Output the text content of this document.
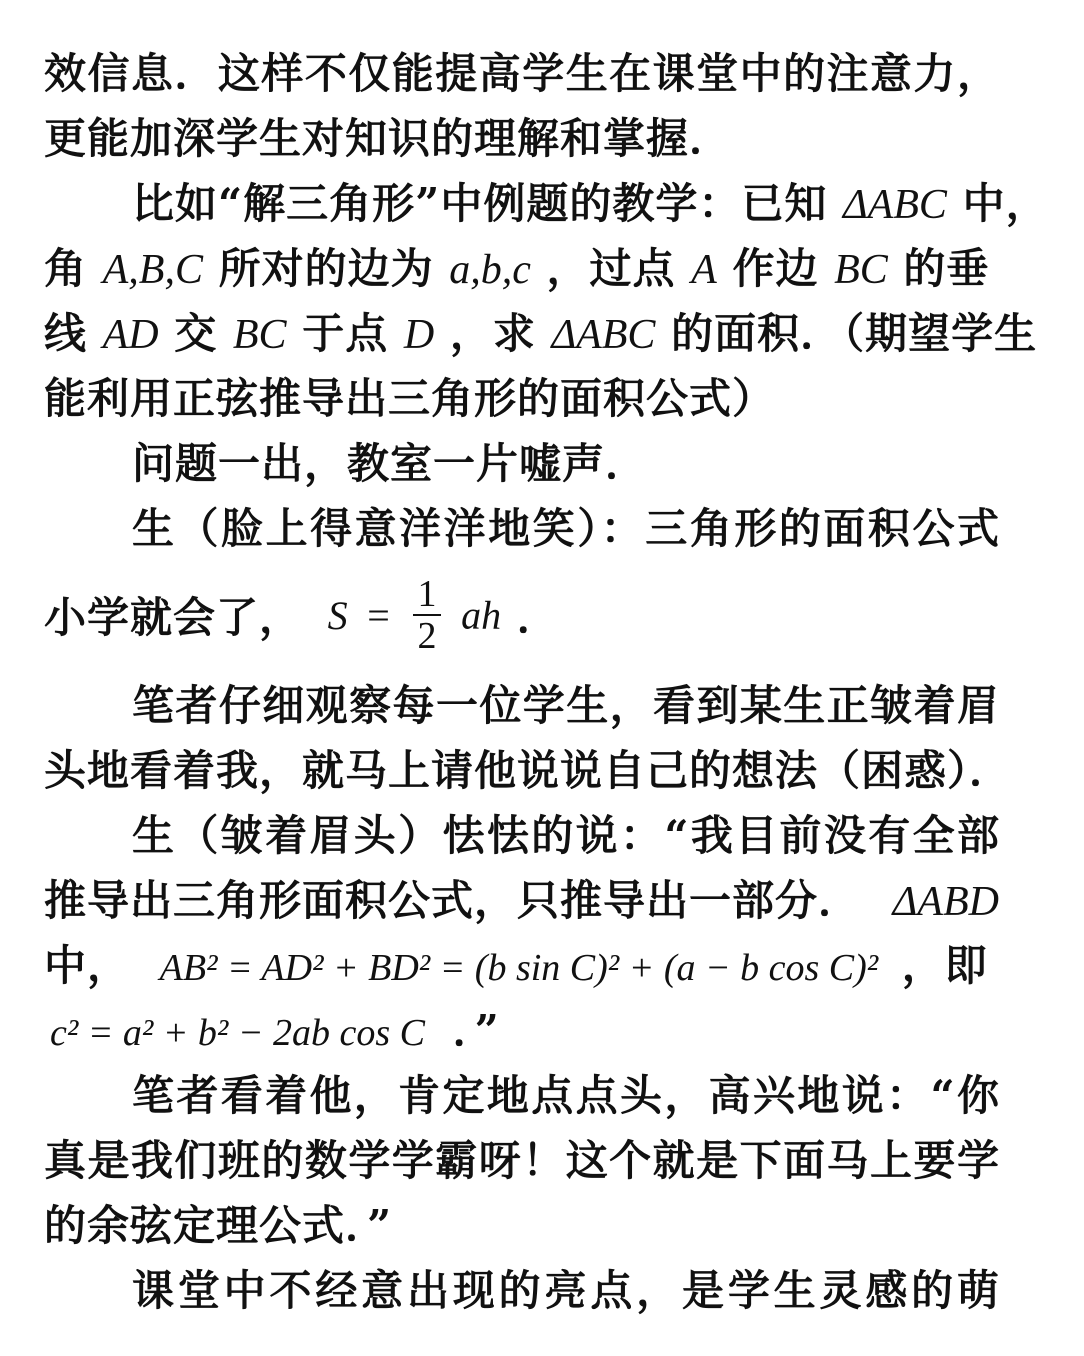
效信息．这样不仅能提高学生在课堂中的注意力，
更能加深学生对知识的理解和掌握．
比如“解三角形”中例题的教学：已知 ΔABC 中，
角 A,B,C 所对的边为 a,b,c ，过点 A 作边 BC 的垂
线 AD 交 BC 于点 D ，求 ΔABC 的面积．（期望学生
能利用正弦推导出三角形的面积公式）
问题一出，教室一片嘘声．
生（脸上得意洋洋地笑）：三角形的面积公式
小学就会了， $S = \frac{1}{2}$ ah ．
笔者仔细观察每一位学生，看到某生正皱着眉
头地看着我，就马上请他说说自己的想法（困惑）．
生（皱着眉头）怯怯的说：“我目前没有全部
推导出三角形面积公式，只推导出一部分． ΔABD
中， AB² = AD² + BD² = (b sin C)² + (a − b cos C)² ，即
c² = a² + b² − 2ab cos C ．”
笔者看着他，肯定地点点头，高兴地说：“你
真是我们班的数学学霸呀！这个就是下面马上要学
的余弦定理公式．”
课堂中不经意出现的亮点，是学生灵感的萌
